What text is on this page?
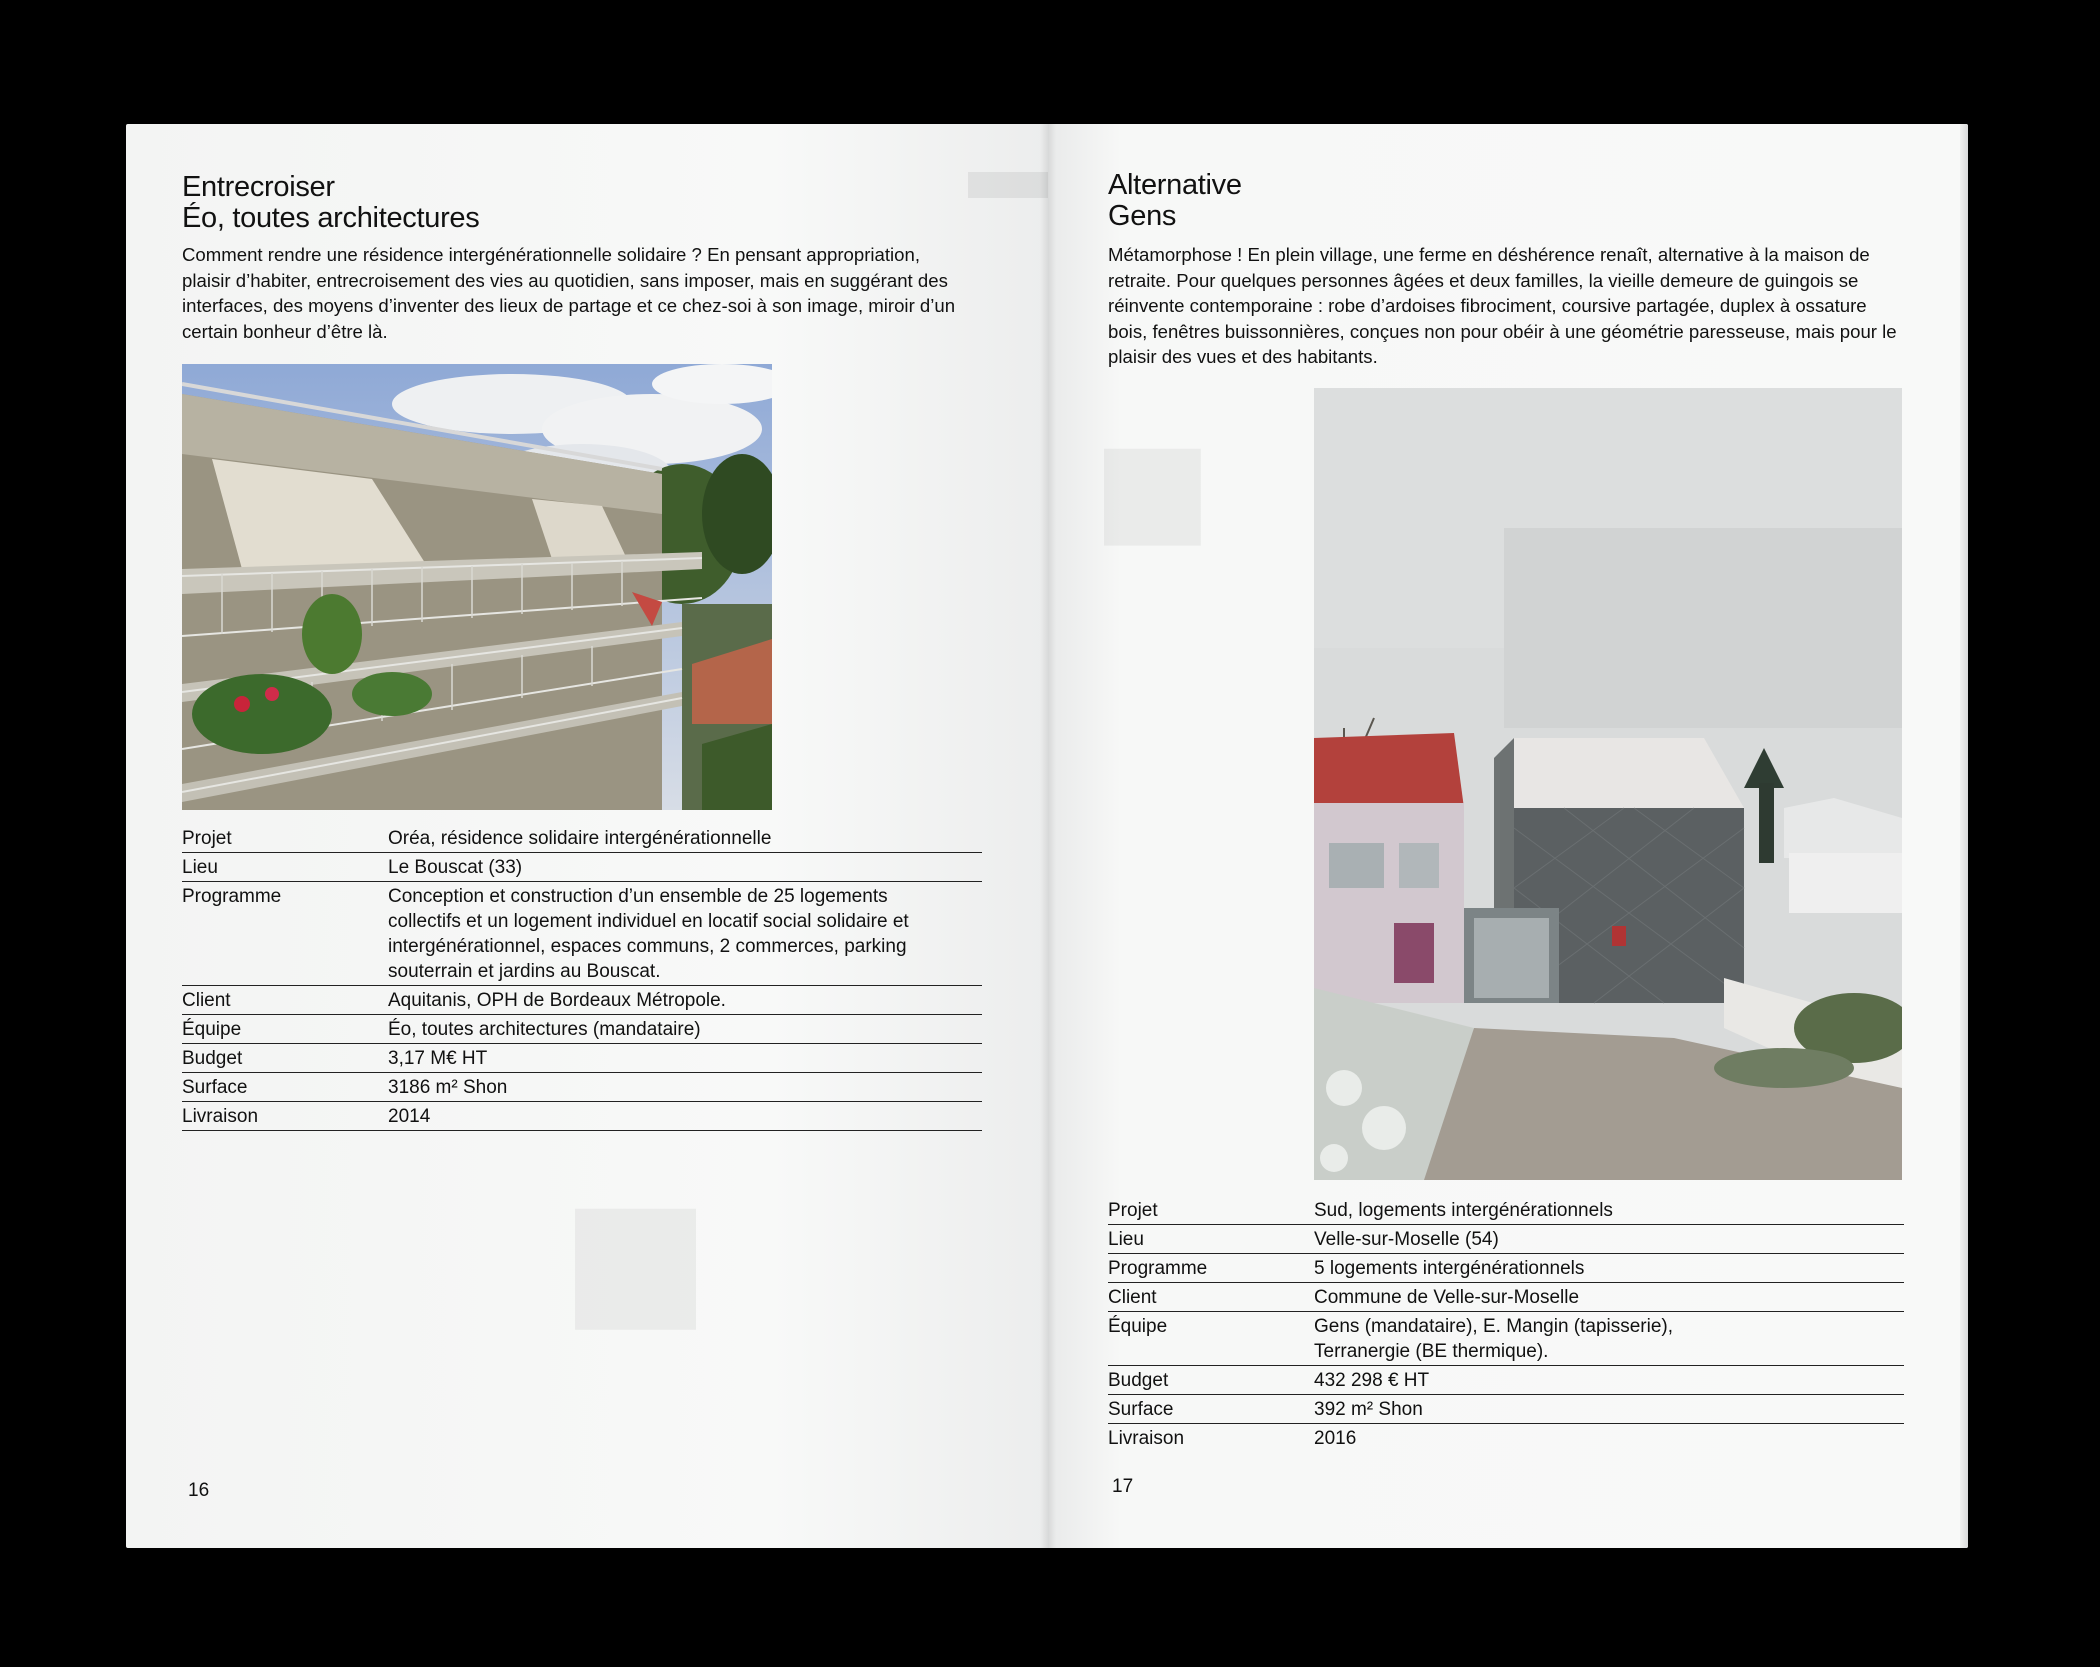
■
Entrecroiser
Éo, toutes architectures
Comment rendre une résidence intergénérationnelle solidaire ? En pensant appropriation, plaisir d’habiter, entrecroisement des vies au quotidien, sans imposer, mais en suggérant des interfaces, des moyens d’inventer des lieux de partage et ce chez-soi à son image, miroir d’un certain bonheur d’être là.
Projet	Oréa, résidence solidaire intergénérationnelle
Lieu	Le Bouscat (33)
Programme	Conception et construction d’un ensemble de 25 logements collectifs et un logement individuel en locatif social solidaire et intergénérationnel, espaces communs, 2 commerces, parking souterrain et jardins au Bouscat.
Client	Aquitanis, OPH de Bordeaux Métropole.
Équipe	Éo, toutes architectures (mandataire)
Budget	3,17 M€ HT
Surface	3186 m² Shon
Livraison	2014
16
■
Alternative
Gens
Métamorphose ! En plein village, une ferme en déshérence renaît, alternative à la maison de retraite. Pour quelques personnes âgées et deux familles, la vieille demeure de guingois se réinvente contemporaine : robe d’ardoises fibrociment, coursive partagée, duplex à ossature bois, fenêtres buissonnières, conçues non pour obéir à une géométrie paresseuse, mais pour le plaisir des vues et des habitants.
Projet	Sud, logements intergénérationnels
Lieu	Velle-sur-Moselle (54)
Programme	5 logements intergénérationnels
Client	Commune de Velle-sur-Moselle
Équipe	Gens (mandataire), E. Mangin (tapisserie), Terranergie (BE thermique).
Budget	432 298 € HT
Surface	392 m² Shon
Livraison	2016
17
